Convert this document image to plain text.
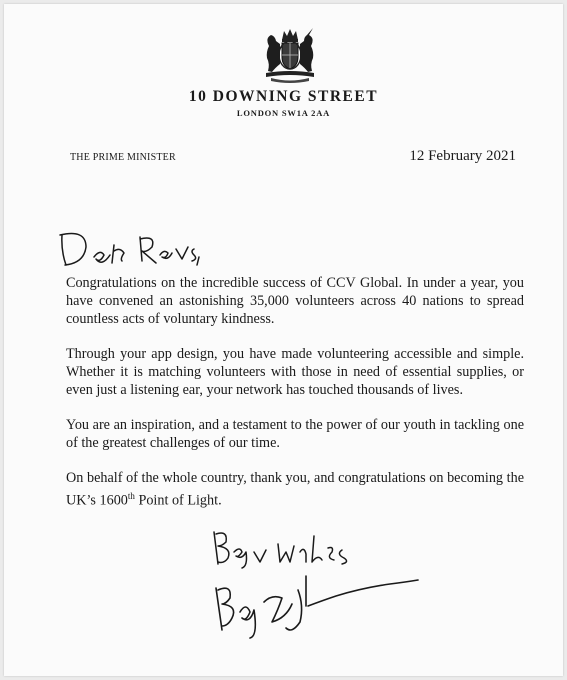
10 DOWNING STREET
LONDON SW1A 2AA
THE PRIME MINISTER	12 February 2021

Congratulations on the incredible success of CCV Global. In under a year, you have convened an astonishing 35,000 volunteers across 40 nations to spread countless acts of voluntary kindness.

Through your app design, you have made volunteering accessible and simple. Whether it is matching volunteers with those in need of essential supplies, or even just a listening ear, your network has touched thousands of lives.

You are an inspiration, and a testament to the power of our youth in tackling one of the greatest challenges of our time.

On behalf of the whole country, thank you, and congratulations on becoming the UK’s 1600th Point of Light.
